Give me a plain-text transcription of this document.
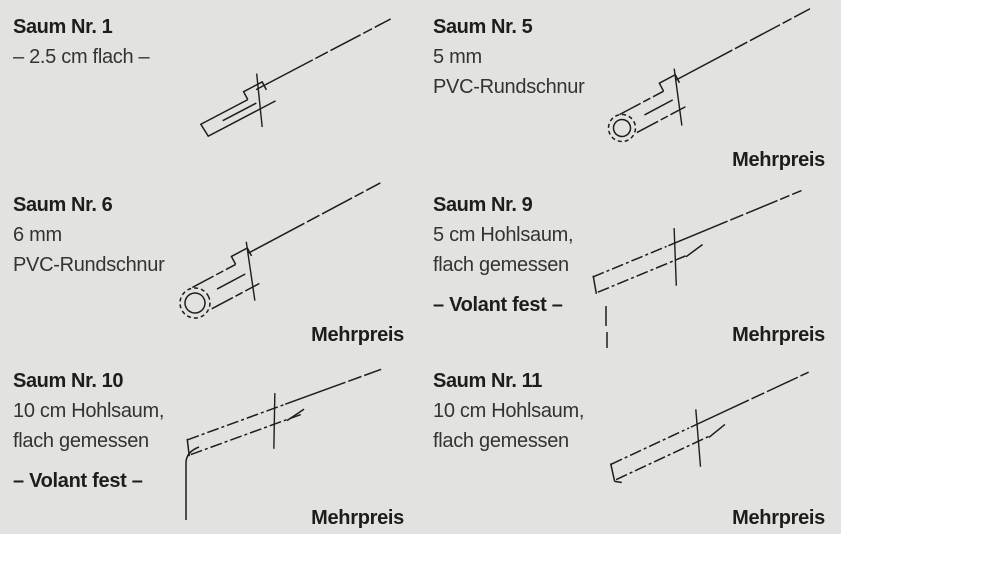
Saum Nr. 1

– 2.5 cm flach –

Saum Nr. 5

5 mm

PVC-Rundschnur

Mehrpreis
Saum Nr. 6

6 mm

PVC-Rundschnur

Mehrpreis
Saum Nr. 9

5 cm Hohlsaum,

flach gemessen

– Volant fest –

Mehrpreis
Saum Nr. 10

10 cm Hohlsaum,

flach gemessen

– Volant fest –

Mehrpreis
Saum Nr. 11

10 cm Hohlsaum,

flach gemessen

Mehrpreis
